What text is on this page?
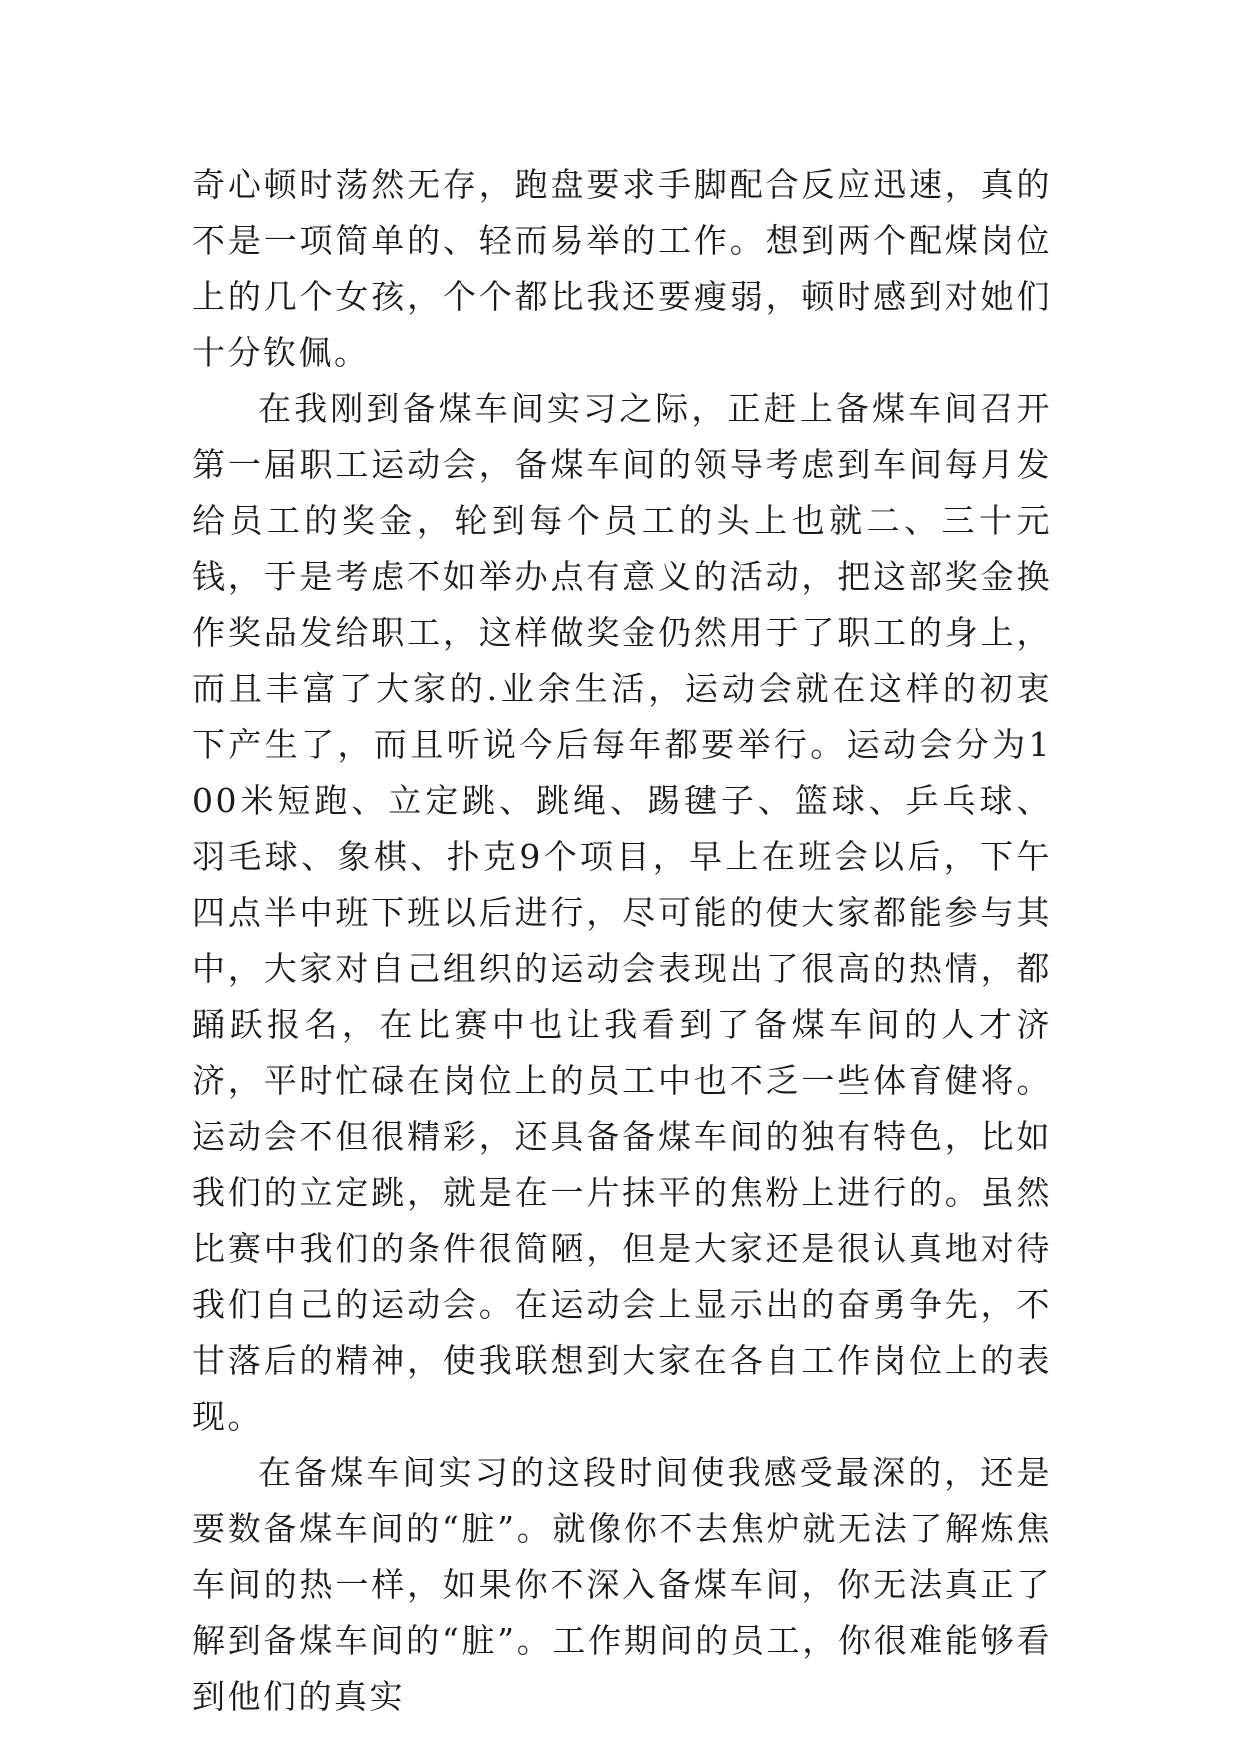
奇心顿时荡然无存，跑盘要求手脚配合反应迅速，真的不是一项简单的、轻而易举的工作。想到两个配煤岗位上的几个女孩，个个都比我还要瘦弱，顿时感到对她们十分钦佩。

在我刚到备煤车间实习之际，正赶上备煤车间召开第一届职工运动会，备煤车间的领导考虑到车间每月发给员工的奖金，轮到每个员工的头上也就二、三十元钱，于是考虑不如举办点有意义的活动，把这部奖金换作奖品发给职工，这样做奖金仍然用于了职工的身上，而且丰富了大家的.业余生活，运动会就在这样的初衷下产生了，而且听说今后每年都要举行。运动会分为100米短跑、立定跳、跳绳、踢毽子、篮球、乒乓球、羽毛球、象棋、扑克9个项目，早上在班会以后，下午四点半中班下班以后进行，尽可能的使大家都能参与其中，大家对自己组织的运动会表现出了很高的热情，都踊跃报名，在比赛中也让我看到了备煤车间的人才济济，平时忙碌在岗位上的员工中也不乏一些体育健将。运动会不但很精彩，还具备备煤车间的独有特色，比如我们的立定跳，就是在一片抹平的焦粉上进行的。虽然比赛中我们的条件很简陋，但是大家还是很认真地对待我们自己的运动会。在运动会上显示出的奋勇争先，不甘落后的精神，使我联想到大家在各自工作岗位上的表现。

在备煤车间实习的这段时间使我感受最深的，还是要数备煤车间的“脏”。就像你不去焦炉就无法了解炼焦车间的热一样，如果你不深入备煤车间，你无法真正了解到备煤车间的“脏”。工作期间的员工，你很难能够看到他们的真实
